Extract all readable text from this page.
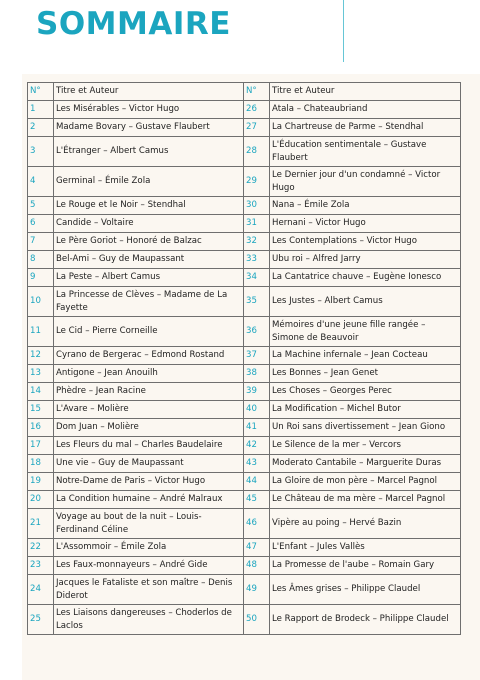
SOMMAIRE
N°	Titre et Auteur	N°	Titre et Auteur
1	Les Misérables – Victor Hugo	26	Atala – Chateaubriand
2	Madame Bovary – Gustave Flaubert	27	La Chartreuse de Parme – Stendhal
3	L'Étranger – Albert Camus	28	L'Éducation sentimentale – Gustave Flaubert
4	Germinal – Émile Zola	29	Le Dernier jour d'un condamné – Victor Hugo
5	Le Rouge et le Noir – Stendhal	30	Nana – Émile Zola
6	Candide – Voltaire	31	Hernani – Victor Hugo
7	Le Père Goriot – Honoré de Balzac	32	Les Contemplations – Victor Hugo
8	Bel-Ami – Guy de Maupassant	33	Ubu roi – Alfred Jarry
9	La Peste – Albert Camus	34	La Cantatrice chauve – Eugène Ionesco
10	La Princesse de Clèves – Madame de La Fayette	35	Les Justes – Albert Camus
11	Le Cid – Pierre Corneille	36	Mémoires d'une jeune fille rangée – Simone de Beauvoir
12	Cyrano de Bergerac – Edmond Rostand	37	La Machine infernale – Jean Cocteau
13	Antigone – Jean Anouilh	38	Les Bonnes – Jean Genet
14	Phèdre – Jean Racine	39	Les Choses – Georges Perec
15	L'Avare – Molière	40	La Modification – Michel Butor
16	Dom Juan – Molière	41	Un Roi sans divertissement – Jean Giono
17	Les Fleurs du mal – Charles Baudelaire	42	Le Silence de la mer – Vercors
18	Une vie – Guy de Maupassant	43	Moderato Cantabile – Marguerite Duras
19	Notre-Dame de Paris – Victor Hugo	44	La Gloire de mon père – Marcel Pagnol
20	La Condition humaine – André Malraux	45	Le Château de ma mère – Marcel Pagnol
21	Voyage au bout de la nuit – Louis-Ferdinand Céline	46	Vipère au poing – Hervé Bazin
22	L'Assommoir – Émile Zola	47	L'Enfant – Jules Vallès
23	Les Faux-monnayeurs – André Gide	48	La Promesse de l'aube – Romain Gary
24	Jacques le Fataliste et son maître – Denis Diderot	49	Les Âmes grises – Philippe Claudel
25	Les Liaisons dangereuses – Choderlos de Laclos	50	Le Rapport de Brodeck – Philippe Claudel
